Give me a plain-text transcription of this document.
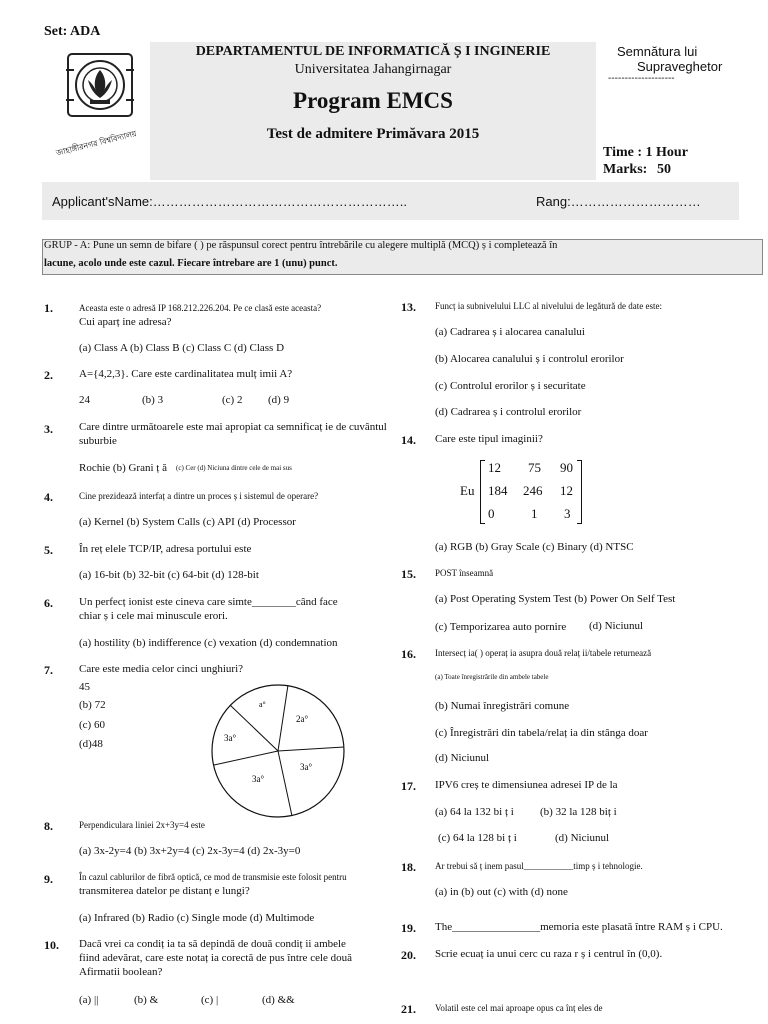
Set: ADA
জাহাঙ্গীরনগর বিশ্ববিদ্যালয়
DEPARTAMENTUL DE INFORMATICĂ Ș I INGINERIE
Universitatea Jahangirnagar
Program EMCS
Test de admitere Primăvara 2015
Semnătura lui
Supraveghetor
--------------------
Time : 1 Hour
Marks: 50
Applicant'sName:…………………………………………………..	Rang:…………………………
GRUP - A: Pune un semn de bifare ( ) pe răspunsul corect pentru întrebările cu alegere multiplă (MCQ) ș i completează în
lacune, acolo unde este cazul. Fiecare întrebare are 1 (unu) punct.
1.	Aceasta este o adresă IP 168.212.226.204. Pe ce clasă este aceasta?
Cui aparț ine adresa?
(a) Class A (b) Class B (c) Class C (d) Class D
2. A={4,2,3}. Care este cardinalitatea mulț imii A?
24	(b) 3	(c) 2 (d) 9
3. Care dintre următoarele este mai apropiat ca semnificaț ie de cuvântul
suburbie
Rochie (b) Grani ț ă (c) Cer (d) Niciuna dintre cele de mai sus
4.	Cine prezidează interfaț a dintre un proces ș i sistemul de operare?
(a) Kernel (b) System Calls (c) API (d) Processor
5. În reț elele TCP/IP, adresa portului este
(a) 16-bit (b) 32-bit (c) 64-bit (d) 128-bit
6. Un perfecț ionist este cineva care simte________când face
chiar ș i cele mai minuscule erori.
(a) hostility (b) indifference (c) vexation (d) condemnation
7. Care este media celor cinci unghiuri?
45
(b) 72
(c) 60
(d)48
a°
2a°
3a°
3a°
3a°
8.	Perpendiculara liniei 2x+3y=4 este
(a) 3x-2y=4 (b) 3x+2y=4 (c) 2x-3y=4 (d) 2x-3y=0
9.	În cazul cablurilor de fibră optică, ce mod de transmisie este folosit pentru
transmiterea datelor pe distanț e lungi?
(a) Infrared (b) Radio (c) Single mode (d) Multimode
10. Dacă vrei ca condiț ia ta să depindă de două condiț ii ambele
fiind adevărat, care este notaț ia corectă de pus între cele două
Afirmatii boolean?
(a) ||	(b) &	(c) |	(d) &&
13. Funcț ia subnivelului LLC al nivelului de legătură de date este:
(a) Cadrarea ș i alocarea canalului
(b) Alocarea canalului ș i controlul erorilor
(c) Controlul erorilor ș i securitate
(d) Cadrarea ș i controlul erorilor
14. Care este tipul imaginii?
Eu
12 75 90
184 246 12
0	1 3
(a) RGB (b) Gray Scale (c) Binary (d) NTSC
15. POST înseamnă
(a) Post Operating System Test (b) Power On Self Test
(c) Temporizarea auto pornire (d) Niciunul
16. Intersecț ia( ) operaț ia asupra două relaț ii/tabele returnează
(a) Toate înregistrările din ambele tabele
(b) Numai înregistrări comune
(c) Înregistrări din tabela/relaț ia din stânga doar
(d) Niciunul
17. IPV6 creș te dimensiunea adresei IP de la
(a) 64 la 132 bi ț i (b) 32 la 128 biț i
(c) 64 la 128 bi ț i	(d) Niciunul
18. Ar trebui să ț inem pasul___________timp ș i tehnologie.
(a) in (b) out (c) with (d) none
19. The________________memoria este plasată între RAM ș i CPU.
20. Scrie ecuaț ia unui cerc cu raza r ș i centrul în (0,0).
21. Volatil este cel mai aproape opus ca înț eles de
